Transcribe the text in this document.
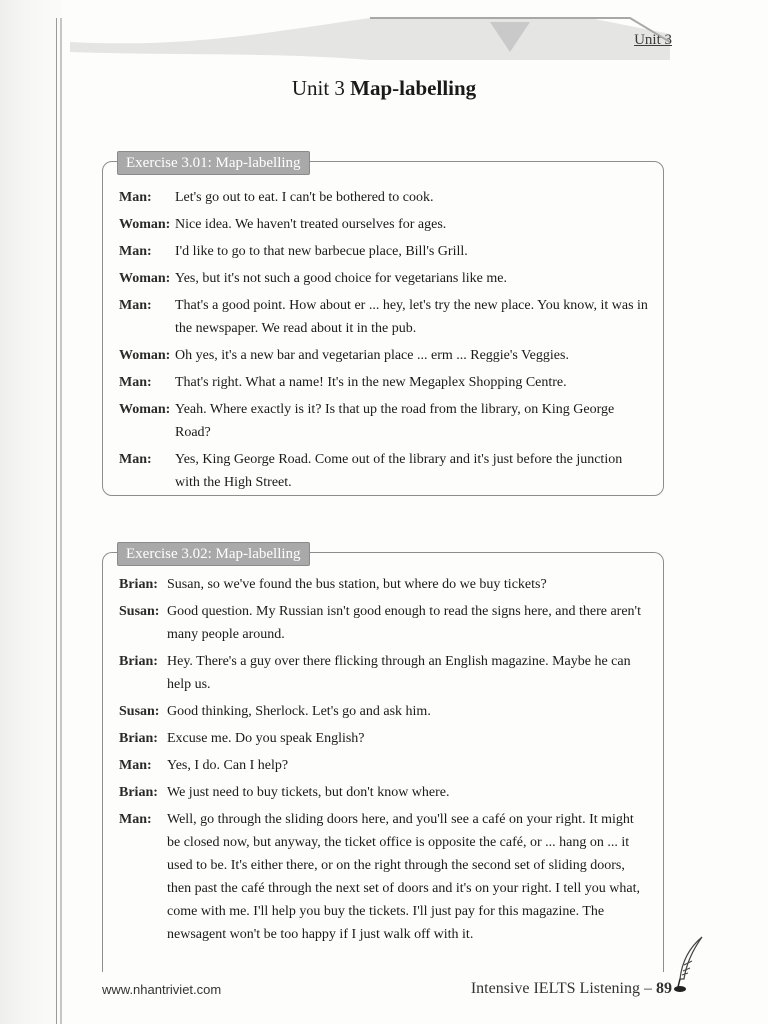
Unit 3
Unit 3 Map-labelling
Exercise 3.01: Map-labelling
Man:	Let's go out to eat. I can't be bothered to cook.
Woman: Nice idea. We haven't treated ourselves for ages.
Man:	I'd like to go to that new barbecue place, Bill's Grill.
Woman: Yes, but it's not such a good choice for vegetarians like me.
Man:	That's a good point. How about er ... hey, let's try the new place. You know, it was in the newspaper. We read about it in the pub.
Woman: Oh yes, it's a new bar and vegetarian place ... erm ... Reggie's Veggies.
Man:	That's right. What a name! It's in the new Megaplex Shopping Centre.
Woman: Yeah. Where exactly is it? Is that up the road from the library, on King George Road?
Man:	Yes, King George Road. Come out of the library and it's just before the junction with the High Street.
Exercise 3.02: Map-labelling
Brian: Susan, so we've found the bus station, but where do we buy tickets?
Susan: Good question. My Russian isn't good enough to read the signs here, and there aren't many people around.
Brian: Hey. There's a guy over there flicking through an English magazine. Maybe he can help us.
Susan: Good thinking, Sherlock. Let's go and ask him.
Brian: Excuse me. Do you speak English?
Man:	Yes, I do. Can I help?
Brian: We just need to buy tickets, but don't know where.
Man:	Well, go through the sliding doors here, and you'll see a café on your right. It might be closed now, but anyway, the ticket office is opposite the café, or ... hang on ... it used to be. It's either there, or on the right through the second set of sliding doors, then past the café through the next set of doors and it's on your right. I tell you what, come with me. I'll help you buy the tickets. I'll just pay for this magazine. The newsagent won't be too happy if I just walk off with it.
www.nhantriviet.com	Intensive IELTS Listening – 89
